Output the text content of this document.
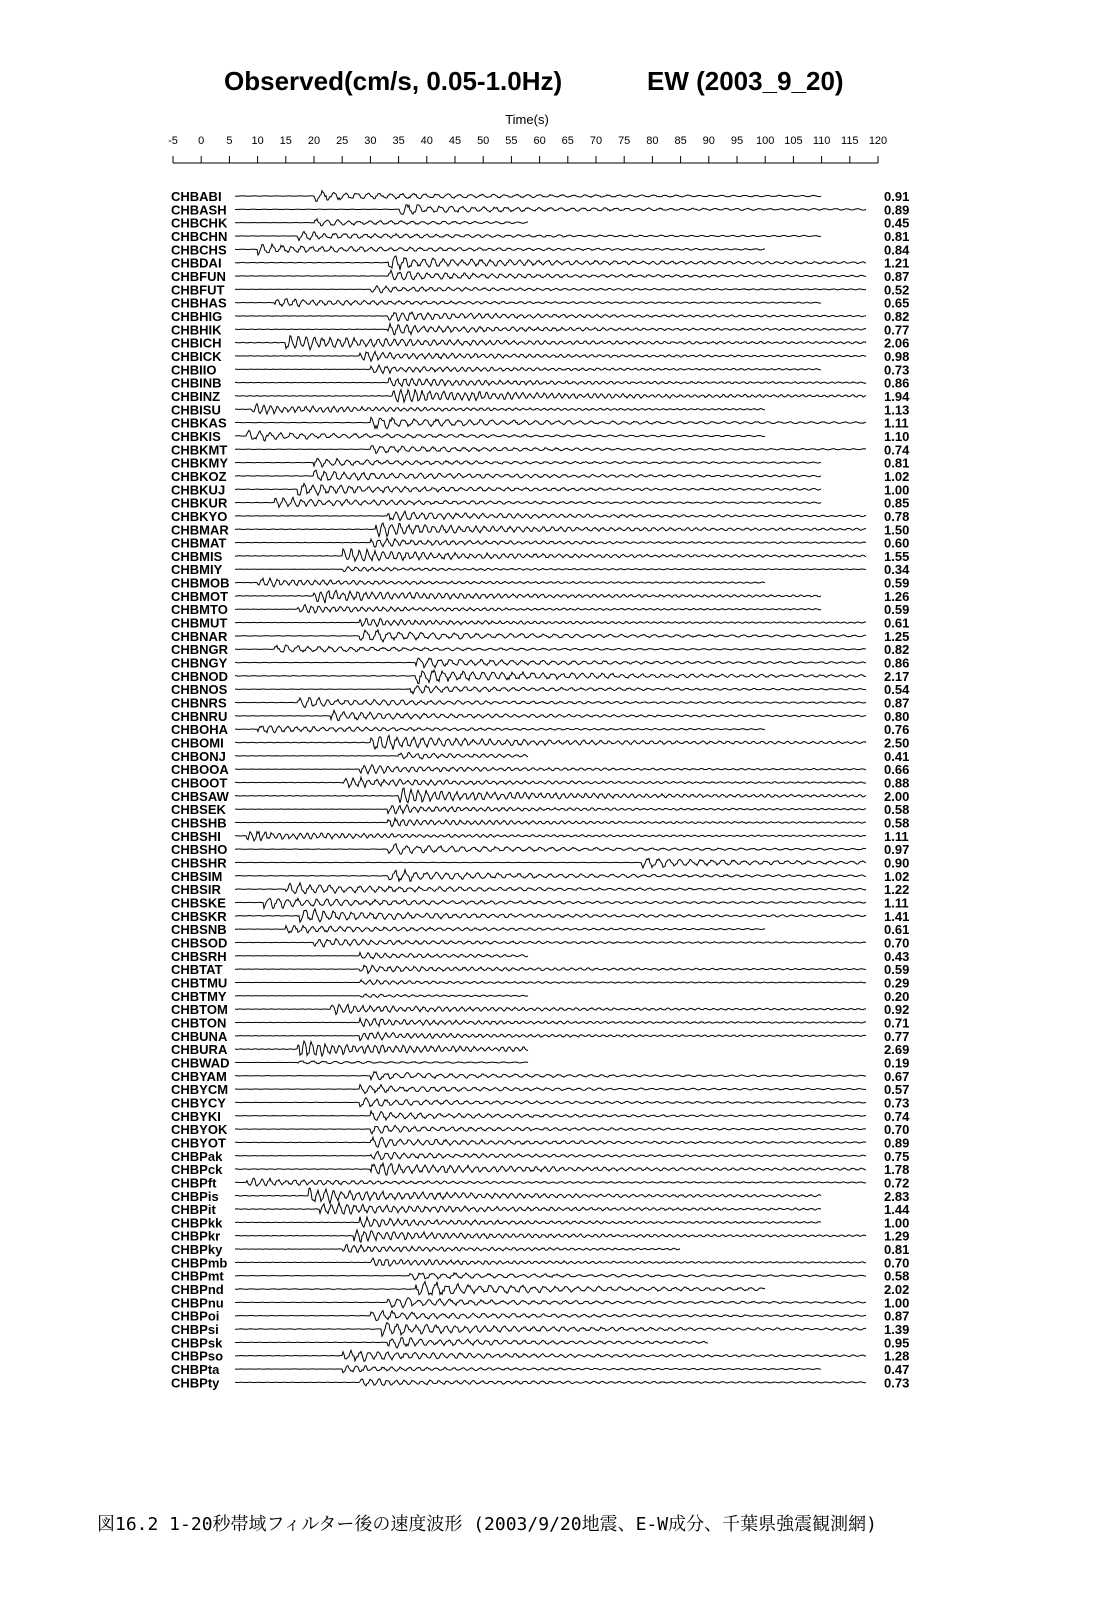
Observed(cm/s, 0.05-1.0Hz)	EW (2003_9_20)
Time(s)
-5 0 5 10 15 20 25 30 35 40 45 50 55 60 65 70 75 80 85 90 95 100 105 110 115 120
CHBABI	0.91
CHBASH	0.89
CHBCHK	0.45
CHBCHN	0.81
CHBCHS	0.84
CHBDAI	1.21
CHBFUN	0.87
CHBFUT	0.52
CHBHAS	0.65
CHBHIG	0.82
CHBHIK	0.77
CHBICH	2.06
CHBICK	0.98
CHBIIO	0.73
CHBINB	0.86
CHBINZ	1.94
CHBISU	1.13
CHBKAS	1.11
CHBKIS	1.10
CHBKMT	0.74
CHBKMY	0.81
CHBKOZ	1.02
CHBKUJ	1.00
CHBKUR	0.85
CHBKYO	0.78
CHBMAR	1.50
CHBMAT	0.60
CHBMIS	1.55
CHBMIY	0.34
CHBMOB	0.59
CHBMOT	1.26
CHBMTO	0.59
CHBMUT	0.61
CHBNAR	1.25
CHBNGR	0.82
CHBNGY	0.86
CHBNOD	2.17
CHBNOS	0.54
CHBNRS	0.87
CHBNRU	0.80
CHBOHA	0.76
CHBOMI	2.50
CHBONJ	0.41
CHBOOA	0.66
CHBOOT	0.88
CHBSAW	2.00
CHBSEK	0.58
CHBSHB	0.58
CHBSHI	1.11
CHBSHO	0.97
CHBSHR	0.90
CHBSIM	1.02
CHBSIR	1.22
CHBSKE	1.11
CHBSKR	1.41
CHBSNB	0.61
CHBSOD	0.70
CHBSRH	0.43
CHBTAT	0.59
CHBTMU	0.29
CHBTMY	0.20
CHBTOM	0.92
CHBTON	0.71
CHBUNA	0.77
CHBURA	2.69
CHBWAD	0.19
CHBYAM	0.67
CHBYCM	0.57
CHBYCY	0.73
CHBYKI	0.74
CHBYOK	0.70
CHBYOT	0.89
CHBPak	0.75
CHBPck	1.78
CHBPft	0.72
CHBPis	2.83
CHBPit	1.44
CHBPkk	1.00
CHBPkr	1.29
CHBPky	0.81
CHBPmb	0.70
CHBPmt	0.58
CHBPnd	2.02
CHBPnu	1.00
CHBPoi	0.87
CHBPsi	1.39
CHBPsk	0.95
CHBPso	1.28
CHBPta	0.47
CHBPty	0.73
図16.2 1-20秒帯域フィルター後の速度波形 (2003/9/20地震、E-W成分、千葉県強震観測網)
